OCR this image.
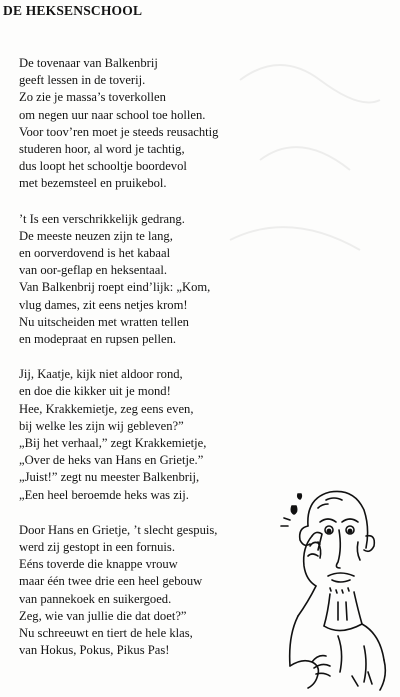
DE HEKSENSCHOOL
De tovenaar van Balkenbrij
geeft lessen in de toverij.
Zo zie je massa’s toverkollen
om negen uur naar school toe hollen.
Voor toov’ren moet je steeds reusachtig
studeren hoor, al word je tachtig,
dus loopt het schooltje boordevol
met bezemsteel en pruikebol.
’t Is een verschrikkelijk gedrang.
De meeste neuzen zijn te lang,
en oorverdovend is het kabaal
van oor-geflap en heksentaal.
Van Balkenbrij roept eind’lijk: „Kom,
vlug dames, zit eens netjes krom!
Nu uitscheiden met wratten tellen
en modepraat en rupsen pellen.
Jij, Kaatje, kijk niet aldoor rond,
en doe die kikker uit je mond!
Hee, Krakkemietje, zeg eens even,
bij welke les zijn wij gebleven?”
„Bij het verhaal,” zegt Krakkemietje,
„Over de heks van Hans en Grietje.”
„Juist!” zegt nu meester Balkenbrij,
„Een heel beroemde heks was zij.
Door Hans en Grietje, ’t slecht gespuis,
werd zij gestopt in een fornuis.
Eéns toverde die knappe vrouw
maar één twee drie een heel gebouw
van pannekoek en suikergoed.
Zeg, wie van jullie die dat doet?”
Nu schreeuwt en tiert de hele klas,
van Hokus, Pokus, Pikus Pas!
